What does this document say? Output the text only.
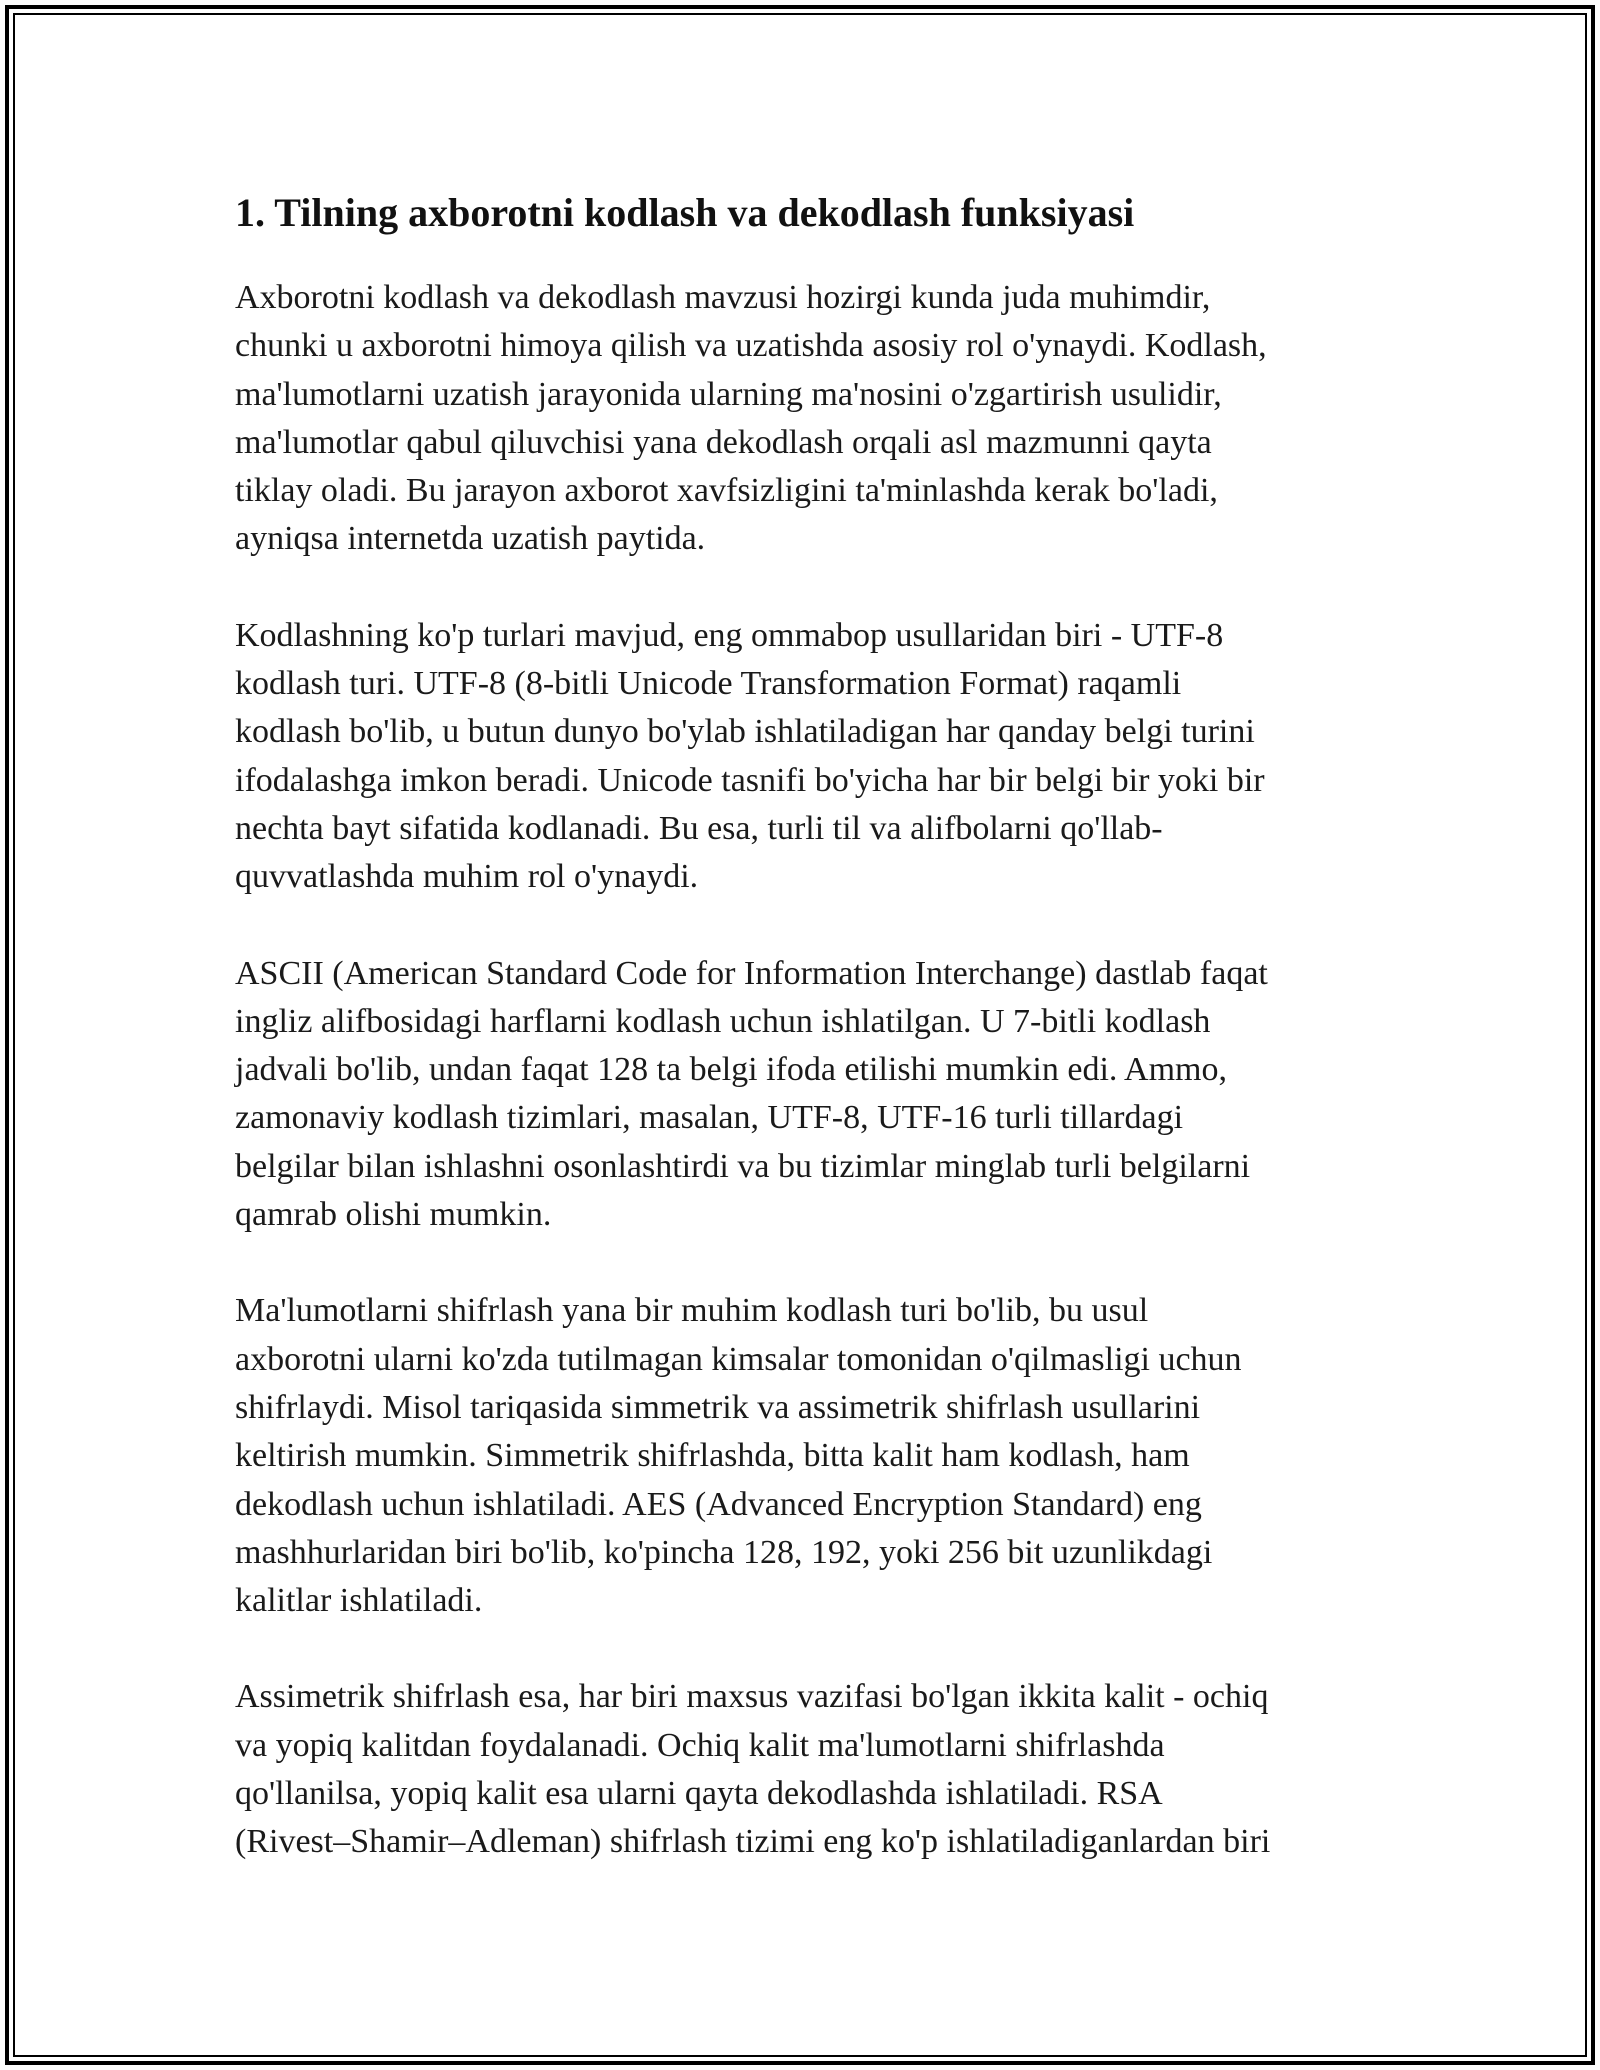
1. Tilning axborotni kodlash va dekodlash funksiyasi

Axborotni kodlash va dekodlash mavzusi hozirgi kunda juda muhimdir,
chunki u axborotni himoya qilish va uzatishda asosiy rol o'ynaydi. Kodlash,
ma'lumotlarni uzatish jarayonida ularning ma'nosini o'zgartirish usulidir,
ma'lumotlar qabul qiluvchisi yana dekodlash orqali asl mazmunni qayta
tiklay oladi. Bu jarayon axborot xavfsizligini ta'minlashda kerak bo'ladi,
ayniqsa internetda uzatish paytida.

Kodlashning ko'p turlari mavjud, eng ommabop usullaridan biri - UTF-8
kodlash turi. UTF-8 (8-bitli Unicode Transformation Format) raqamli
kodlash bo'lib, u butun dunyo bo'ylab ishlatiladigan har qanday belgi turini
ifodalashga imkon beradi. Unicode tasnifi bo'yicha har bir belgi bir yoki bir
nechta bayt sifatida kodlanadi. Bu esa, turli til va alifbolarni qo'llab-
quvvatlashda muhim rol o'ynaydi.

ASCII (American Standard Code for Information Interchange) dastlab faqat
ingliz alifbosidagi harflarni kodlash uchun ishlatilgan. U 7-bitli kodlash
jadvali bo'lib, undan faqat 128 ta belgi ifoda etilishi mumkin edi. Ammo,
zamonaviy kodlash tizimlari, masalan, UTF-8, UTF-16 turli tillardagi
belgilar bilan ishlashni osonlashtirdi va bu tizimlar minglab turli belgilarni
qamrab olishi mumkin.

Ma'lumotlarni shifrlash yana bir muhim kodlash turi bo'lib, bu usul
axborotni ularni ko'zda tutilmagan kimsalar tomonidan o'qilmasligi uchun
shifrlaydi. Misol tariqasida simmetrik va assimetrik shifrlash usullarini
keltirish mumkin. Simmetrik shifrlashda, bitta kalit ham kodlash, ham
dekodlash uchun ishlatiladi. AES (Advanced Encryption Standard) eng
mashhurlaridan biri bo'lib, ko'pincha 128, 192, yoki 256 bit uzunlikdagi
kalitlar ishlatiladi.

Assimetrik shifrlash esa, har biri maxsus vazifasi bo'lgan ikkita kalit - ochiq
va yopiq kalitdan foydalanadi. Ochiq kalit ma'lumotlarni shifrlashda
qo'llanilsa, yopiq kalit esa ularni qayta dekodlashda ishlatiladi. RSA
(Rivest–Shamir–Adleman) shifrlash tizimi eng ko'p ishlatiladiganlardan biri
